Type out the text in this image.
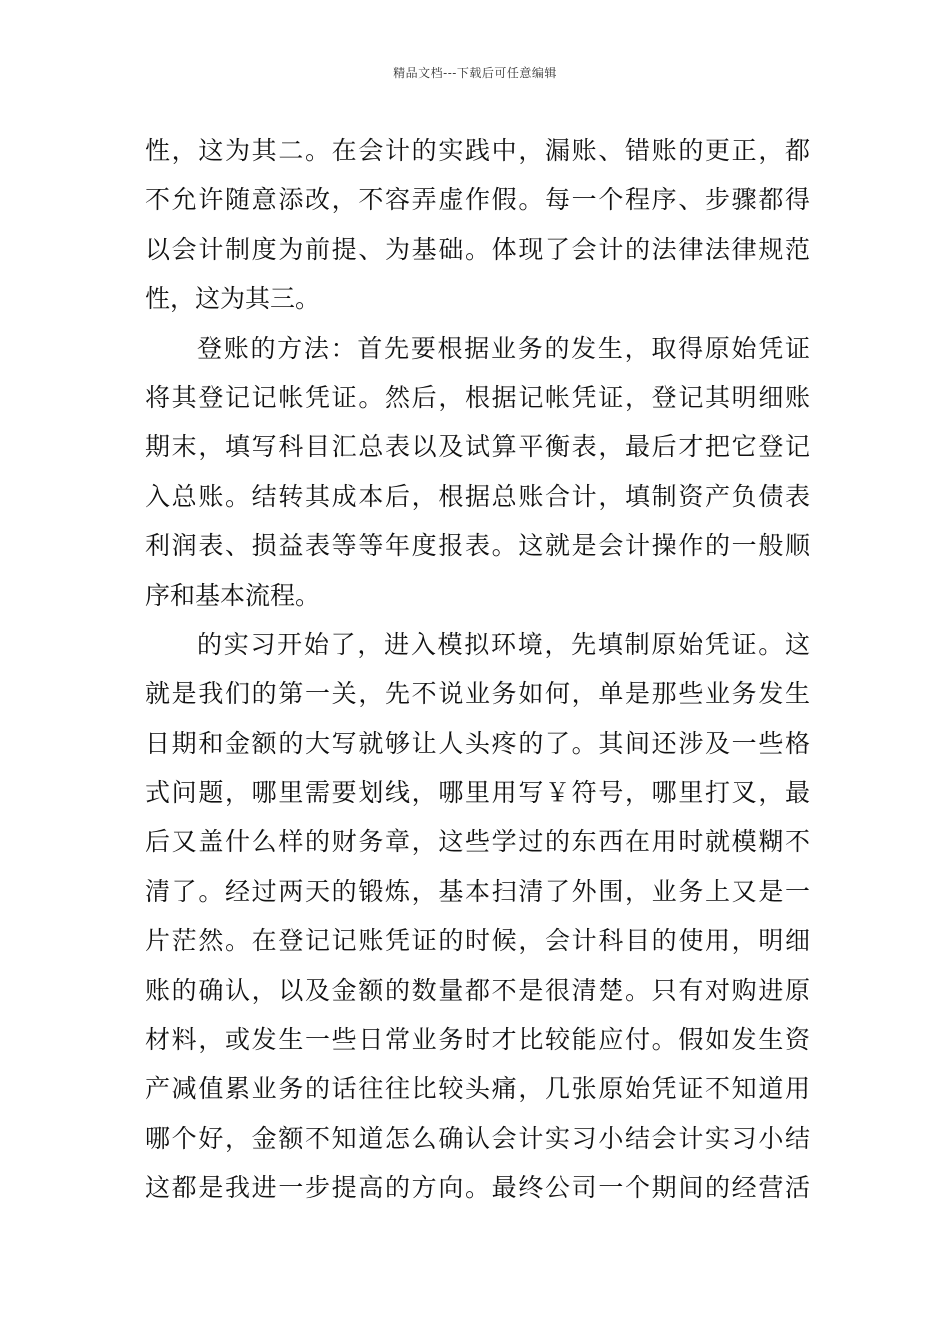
精品文档---下载后可任意编辑
性，这为其二。在会计的实践中，漏账、错账的更正，都
不允许随意添改，不容弄虚作假。每一个程序、步骤都得
以会计制度为前提、为基础。体现了会计的法律法律规范
性，这为其三。
登账的方法：首先要根据业务的发生，取得原始凭证
将其登记记帐凭证。然后，根据记帐凭证，登记其明细账
期末，填写科目汇总表以及试算平衡表，最后才把它登记
入总账。结转其成本后，根据总账合计，填制资产负债表
利润表、损益表等等年度报表。这就是会计操作的一般顺
序和基本流程。
的实习开始了，进入模拟环境，先填制原始凭证。这
就是我们的第一关，先不说业务如何，单是那些业务发生
日期和金额的大写就够让人头疼的了。其间还涉及一些格
式问题，哪里需要划线，哪里用写￥符号，哪里打叉，最
后又盖什么样的财务章，这些学过的东西在用时就模糊不
清了。经过两天的锻炼，基本扫清了外围，业务上又是一
片茫然。在登记记账凭证的时候，会计科目的使用，明细
账的确认，以及金额的数量都不是很清楚。只有对购进原
材料，或发生一些日常业务时才比较能应付。假如发生资
产减值累业务的话往往比较头痛，几张原始凭证不知道用
哪个好，金额不知道怎么确认会计实习小结会计实习小结
这都是我进一步提高的方向。最终公司一个期间的经营活
